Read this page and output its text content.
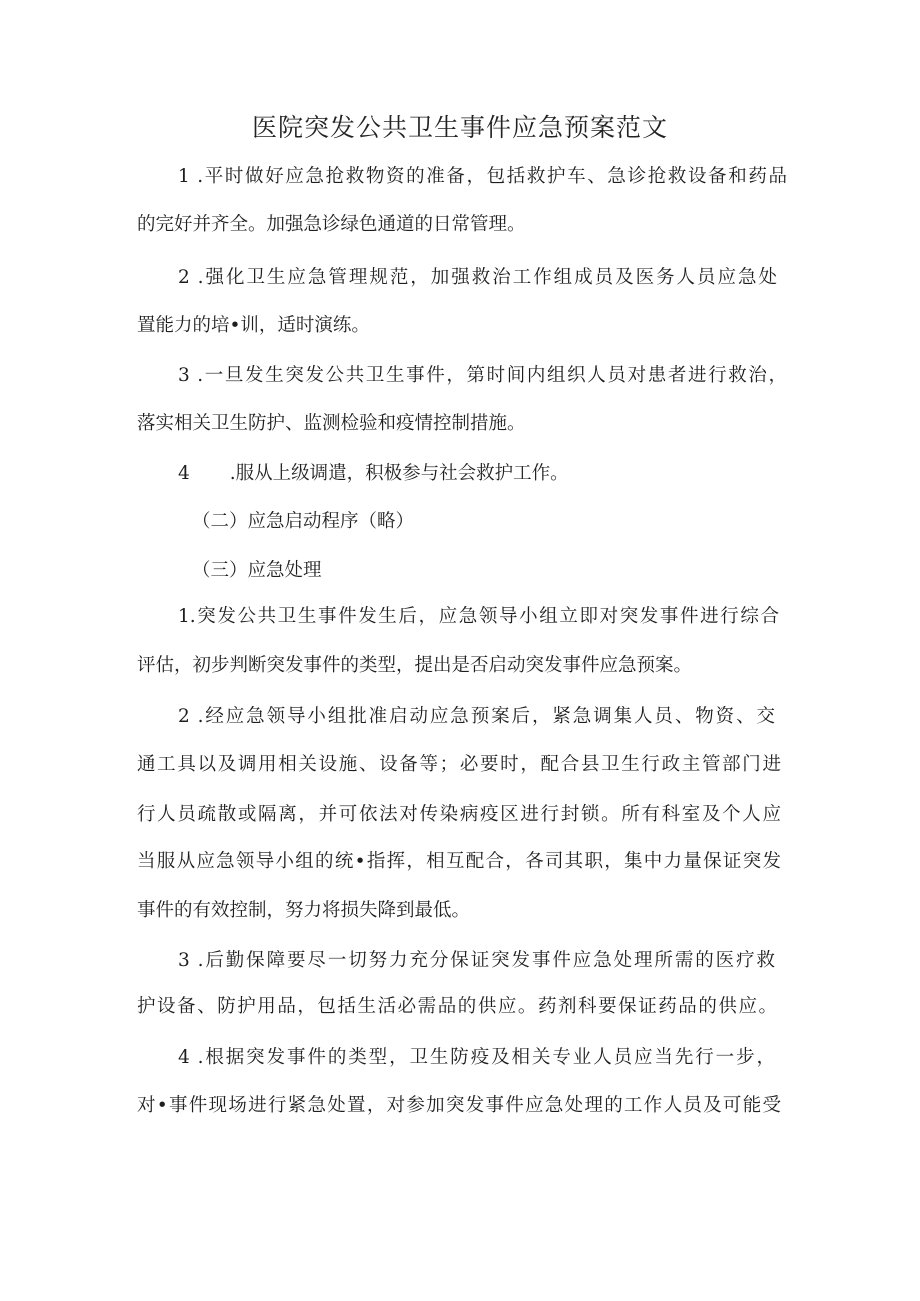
医院突发公共卫生事件应急预案范文
1 .平时做好应急抢救物资的准备，包括救护车、急诊抢救设备和药品
的完好并齐全。加强急诊绿色通道的日常管理。
2 .强化卫生应急管理规范，加强救治工作组成员及医务人员应急处
置能力的培•训，适时演练。
3 .一旦发生突发公共卫生事件，第时间内组织人员对患者进行救治，
落实相关卫生防护、监测检验和疫情控制措施。
4 .服从上级调遣，积极参与社会救护工作。
（二）应急启动程序（略）
（三）应急处理
1.突发公共卫生事件发生后，应急领导小组立即对突发事件进行综合
评估，初步判断突发事件的类型，提出是否启动突发事件应急预案。
2 .经应急领导小组批准启动应急预案后，紧急调集人员、物资、交
通工具以及调用相关设施、设备等；必要时，配合县卫生行政主管部门进
行人员疏散或隔离，并可依法对传染病疫区进行封锁。所有科室及个人应
当服从应急领导小组的统•指挥，相互配合，各司其职，集中力量保证突发
事件的有效控制，努力将损失降到最低。
3 .后勤保障要尽一切努力充分保证突发事件应急处理所需的医疗救
护设备、防护用品，包括生活必需品的供应。药剂科要保证药品的供应。
4 .根据突发事件的类型，卫生防疫及相关专业人员应当先行一步，
对•事件现场进行紧急处置，对参加突发事件应急处理的工作人员及可能受
